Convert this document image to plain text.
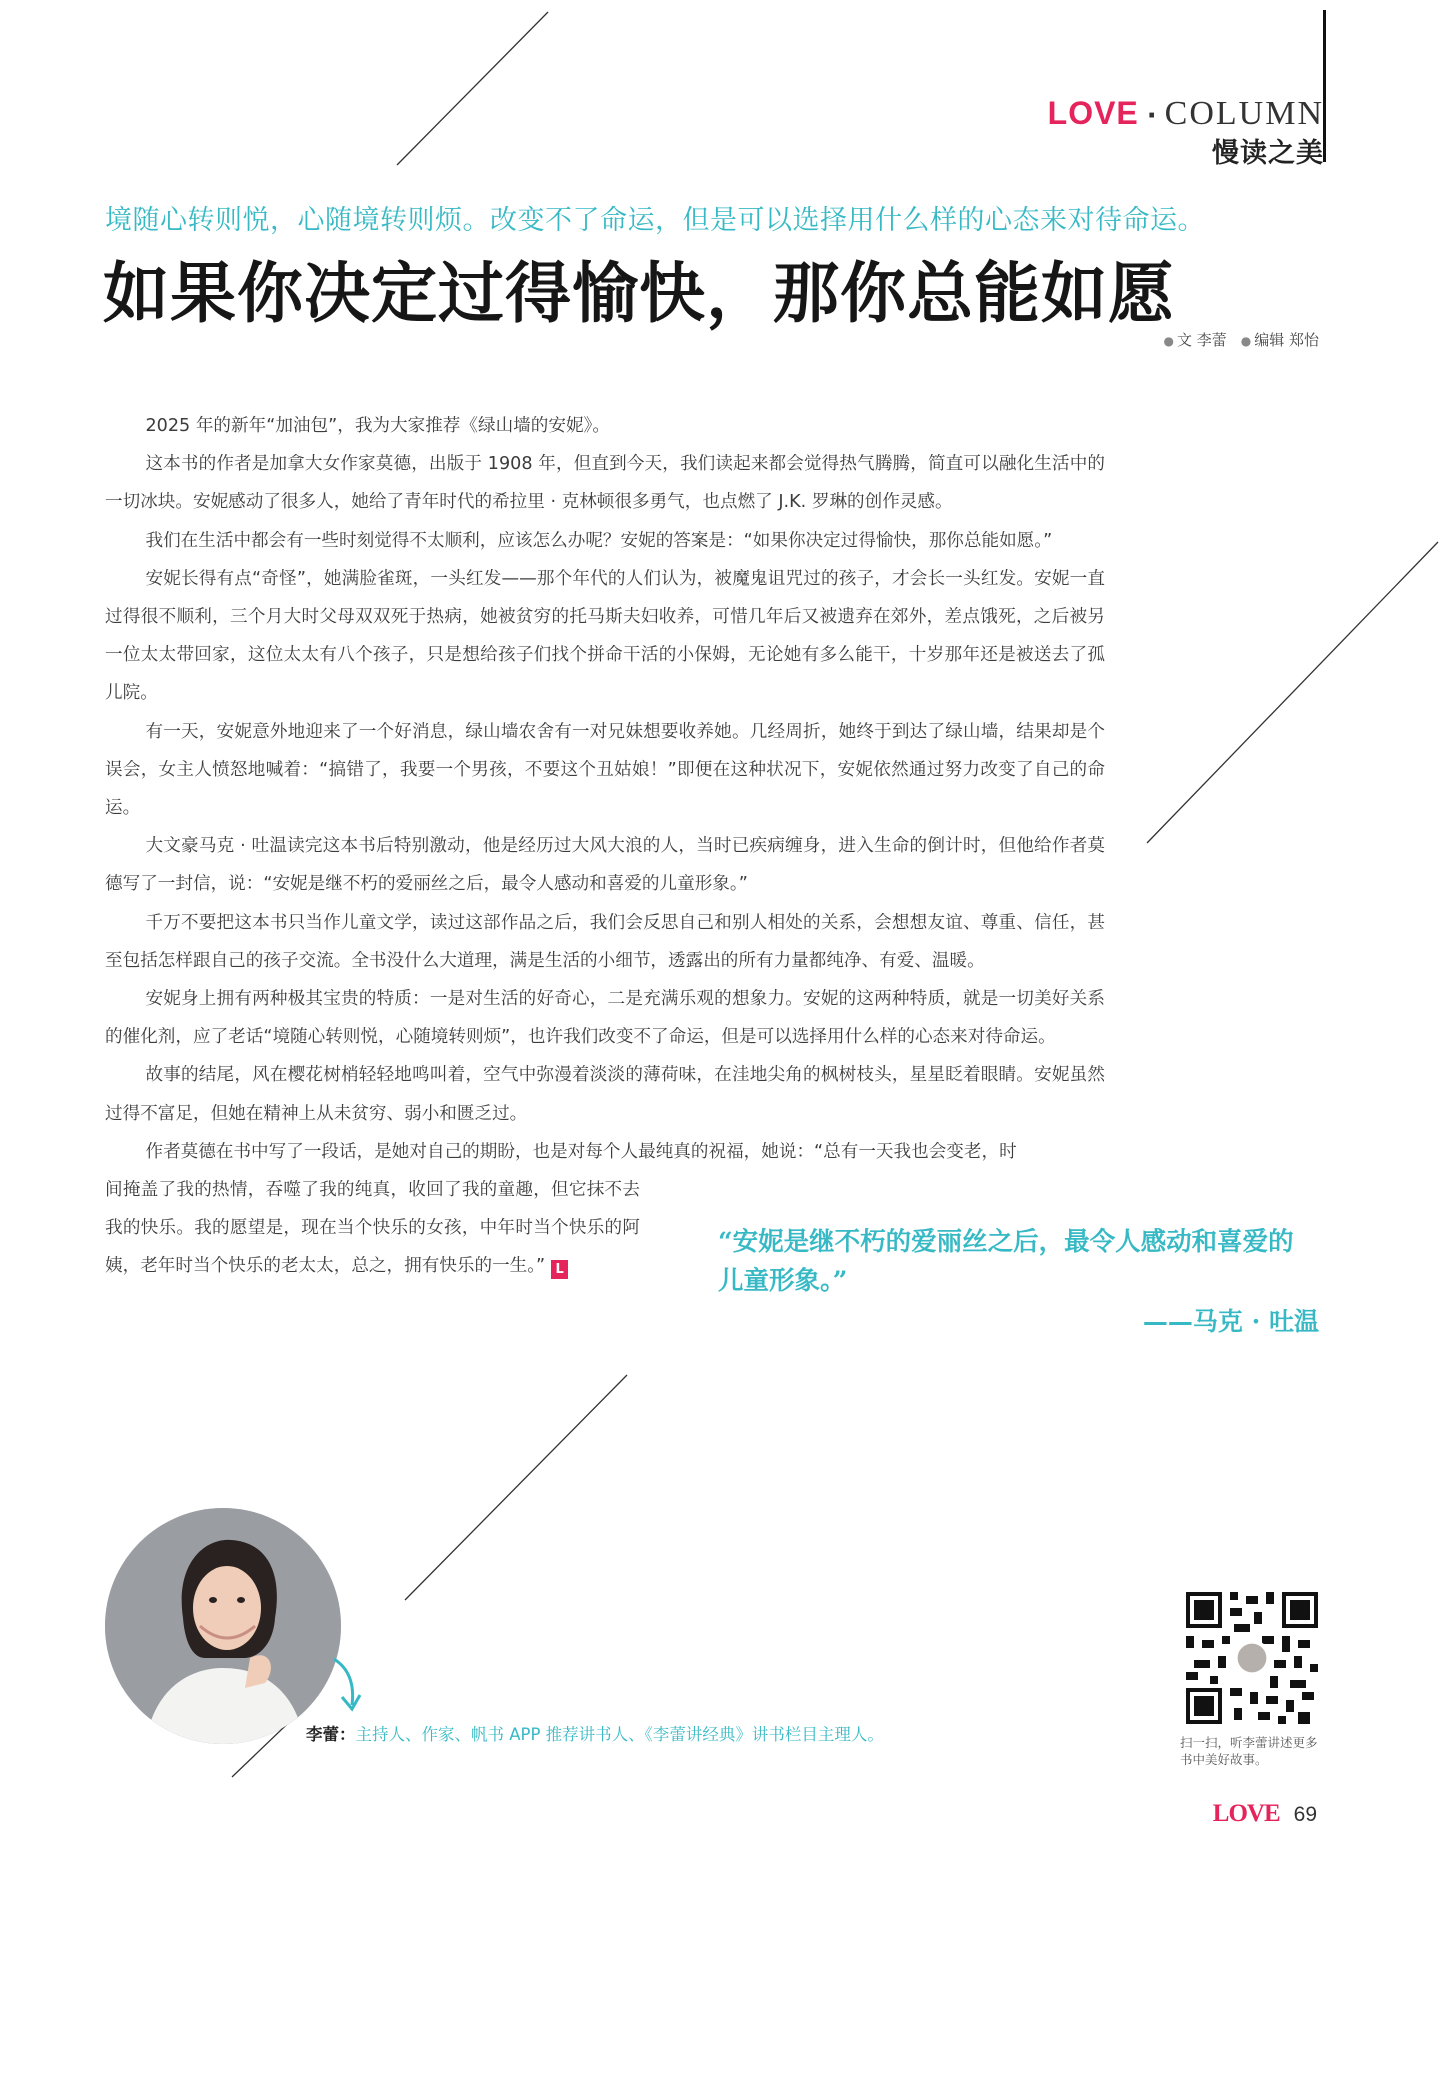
LOVE · COLUMN
慢读之美
境随心转则悦，心随境转则烦。改变不了命运，但是可以选择用什么样的心态来对待命运。
如果你决定过得愉快，那你总能如愿
● 文 李蕾 ● 编辑 郑怡

2025 年的新年“加油包”，我为大家推荐《绿山墙的安妮》。

这本书的作者是加拿大女作家莫德，出版于 1908 年，但直到今天，我们读起来都会觉得热气腾腾，简直可以融化生活中的一切冰块。安妮感动了很多人，她给了青年时代的希拉里 · 克林顿很多勇气，也点燃了 J.K. 罗琳的创作灵感。

我们在生活中都会有一些时刻觉得不太顺利，应该怎么办呢？安妮的答案是：“如果你决定过得愉快，那你总能如愿。”

安妮长得有点“奇怪”，她满脸雀斑，一头红发——那个年代的人们认为，被魔鬼诅咒过的孩子，才会长一头红发。安妮一直过得很不顺利，三个月大时父母双双死于热病，她被贫穷的托马斯夫妇收养，可惜几年后又被遗弃在郊外，差点饿死，之后被另一位太太带回家，这位太太有八个孩子，只是想给孩子们找个拼命干活的小保姆，无论她有多么能干，十岁那年还是被送去了孤儿院。

有一天，安妮意外地迎来了一个好消息，绿山墙农舍有一对兄妹想要收养她。几经周折，她终于到达了绿山墙，结果却是个误会，女主人愤怒地喊着：“搞错了，我要一个男孩，不要这个丑姑娘！”即便在这种状况下，安妮依然通过努力改变了自己的命运。

大文豪马克 · 吐温读完这本书后特别激动，他是经历过大风大浪的人，当时已疾病缠身，进入生命的倒计时，但他给作者莫德写了一封信，说：“安妮是继不朽的爱丽丝之后，最令人感动和喜爱的儿童形象。”

千万不要把这本书只当作儿童文学，读过这部作品之后，我们会反思自己和别人相处的关系，会想想友谊、尊重、信任，甚至包括怎样跟自己的孩子交流。全书没什么大道理，满是生活的小细节，透露出的所有力量都纯净、有爱、温暖。

安妮身上拥有两种极其宝贵的特质：一是对生活的好奇心，二是充满乐观的想象力。安妮的这两种特质，就是一切美好关系的催化剂，应了老话“境随心转则悦，心随境转则烦”，也许我们改变不了命运，但是可以选择用什么样的心态来对待命运。

故事的结尾，风在樱花树梢轻轻地鸣叫着，空气中弥漫着淡淡的薄荷味，在洼地尖角的枫树枝头，星星眨着眼睛。安妮虽然过得不富足，但她在精神上从未贫穷、弱小和匮乏过。

作者莫德在书中写了一段话，是她对自己的期盼，也是对每个人最纯真的祝福，她说：“总有一天我也会变老，时

间掩盖了我的热情，吞噬了我的纯真，收回了我的童趣，但它抹不去我的快乐。我的愿望是，现在当个快乐的女孩，中年时当个快乐的阿姨，老年时当个快乐的老太太，总之，拥有快乐的一生。” L

“安妮是继不朽的爱丽丝之后，最令人感动和喜爱的儿童形象。”
——马克 · 吐温
李蕾：主持人、作家、帆书 APP 推荐讲书人、《李蕾讲经典》讲书栏目主理人。	扫一扫，听李蕾讲述更多书中美好故事。
LOVE 69
